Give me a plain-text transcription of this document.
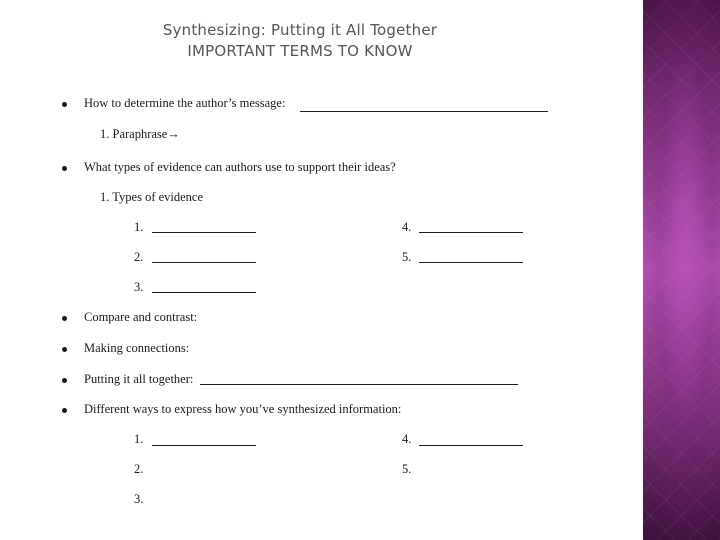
Synthesizing: Putting it All Together
IMPORTANT TERMS TO KNOW
How to determine the author’s message:
1. Paraphrase→
What types of evidence can authors use to support their ideas?
1. Types of evidence
1.
2.
3.
4.
5.
Compare and contrast:
Making connections:
Putting it all together:
Different ways to express how you’ve synthesized information:
1.
2.
3.
4.
5.
